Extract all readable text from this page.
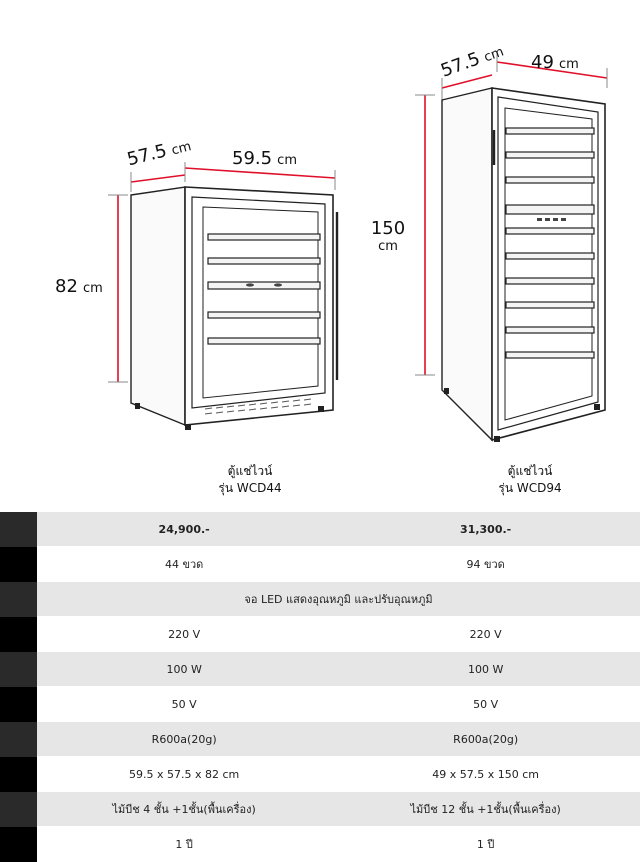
57.5 cm 59.5 cm
82 cm
57.5 cm 49 cm
150
cm
ตู้แช่ไวน์
รุ่น WCD44
ตู้แช่ไวน์
รุ่น WCD94
	24,900.-	31,300.-
	44 ขวด	94 ขวด
	จอ LED แสดงอุณหภูมิ และปรับอุณหภูมิ	
	220 V	220 V
	100 W	100 W
	50 V	50 V
	R600a(20g)	R600a(20g)
	59.5 x 57.5 x 82 cm	49 x 57.5 x 150 cm
	ไม้บีช 4 ชั้น +1ชั้น(พื้นเครื่อง)	ไม้บีช 12 ชั้น +1ชั้น(พื้นเครื่อง)
	1 ปี	1 ปี
